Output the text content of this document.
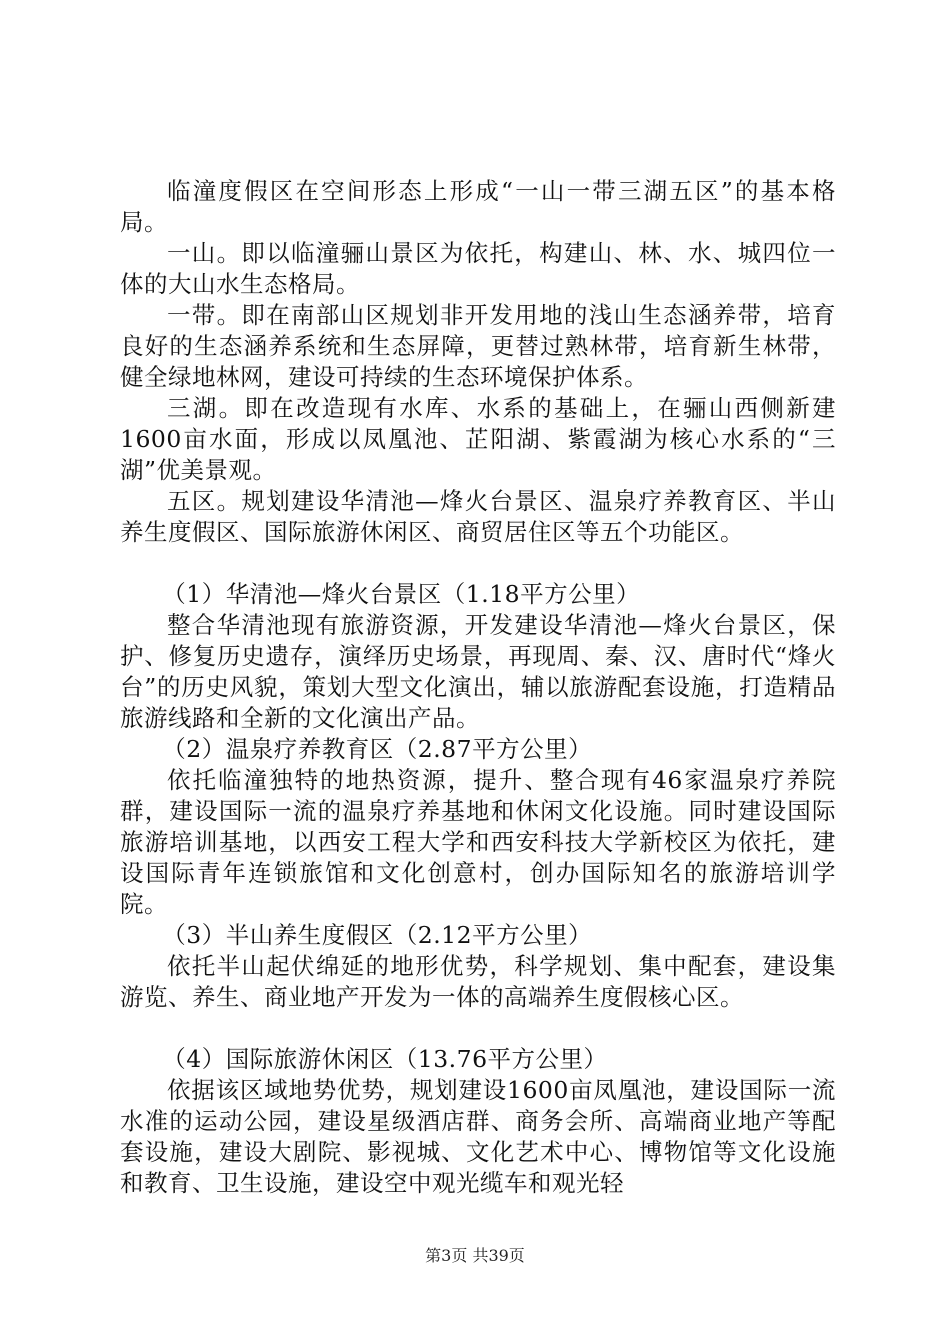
临潼度假区在空间形态上形成“一山一带三湖五区”的基本格局。

一山。即以临潼骊山景区为依托，构建山、林、水、城四位一体的大山水生态格局。

一带。即在南部山区规划非开发用地的浅山生态涵养带，培育良好的生态涵养系统和生态屏障，更替过熟林带，培育新生林带，健全绿地林网，建设可持续的生态环境保护体系。

三湖。即在改造现有水库、水系的基础上，在骊山西侧新建1600亩水面，形成以凤凰池、芷阳湖、紫霞湖为核心水系的“三湖”优美景观。

五区。规划建设华清池—烽火台景区、温泉疗养教育区、半山养生度假区、国际旅游休闲区、商贸居住区等五个功能区。

（1）华清池—烽火台景区（1.18平方公里）

整合华清池现有旅游资源，开发建设华清池—烽火台景区，保护、修复历史遗存，演绎历史场景，再现周、秦、汉、唐时代“烽火台”的历史风貌，策划大型文化演出，辅以旅游配套设施，打造精品旅游线路和全新的文化演出产品。

（2）温泉疗养教育区（2.87平方公里）

依托临潼独特的地热资源，提升、整合现有46家温泉疗养院群，建设国际一流的温泉疗养基地和休闲文化设施。同时建设国际旅游培训基地，以西安工程大学和西安科技大学新校区为依托，建设国际青年连锁旅馆和文化创意村，创办国际知名的旅游培训学院。

（3）半山养生度假区（2.12平方公里）

依托半山起伏绵延的地形优势，科学规划、集中配套，建设集游览、养生、商业地产开发为一体的高端养生度假核心区。

（4）国际旅游休闲区（13.76平方公里）

依据该区域地势优势，规划建设1600亩凤凰池，建设国际一流水准的运动公园，建设星级酒店群、商务会所、高端商业地产等配套设施，建设大剧院、影视城、文化艺术中心、博物馆等文化设施和教育、卫生设施，建设空中观光缆车和观光轻

第3页 共39页
